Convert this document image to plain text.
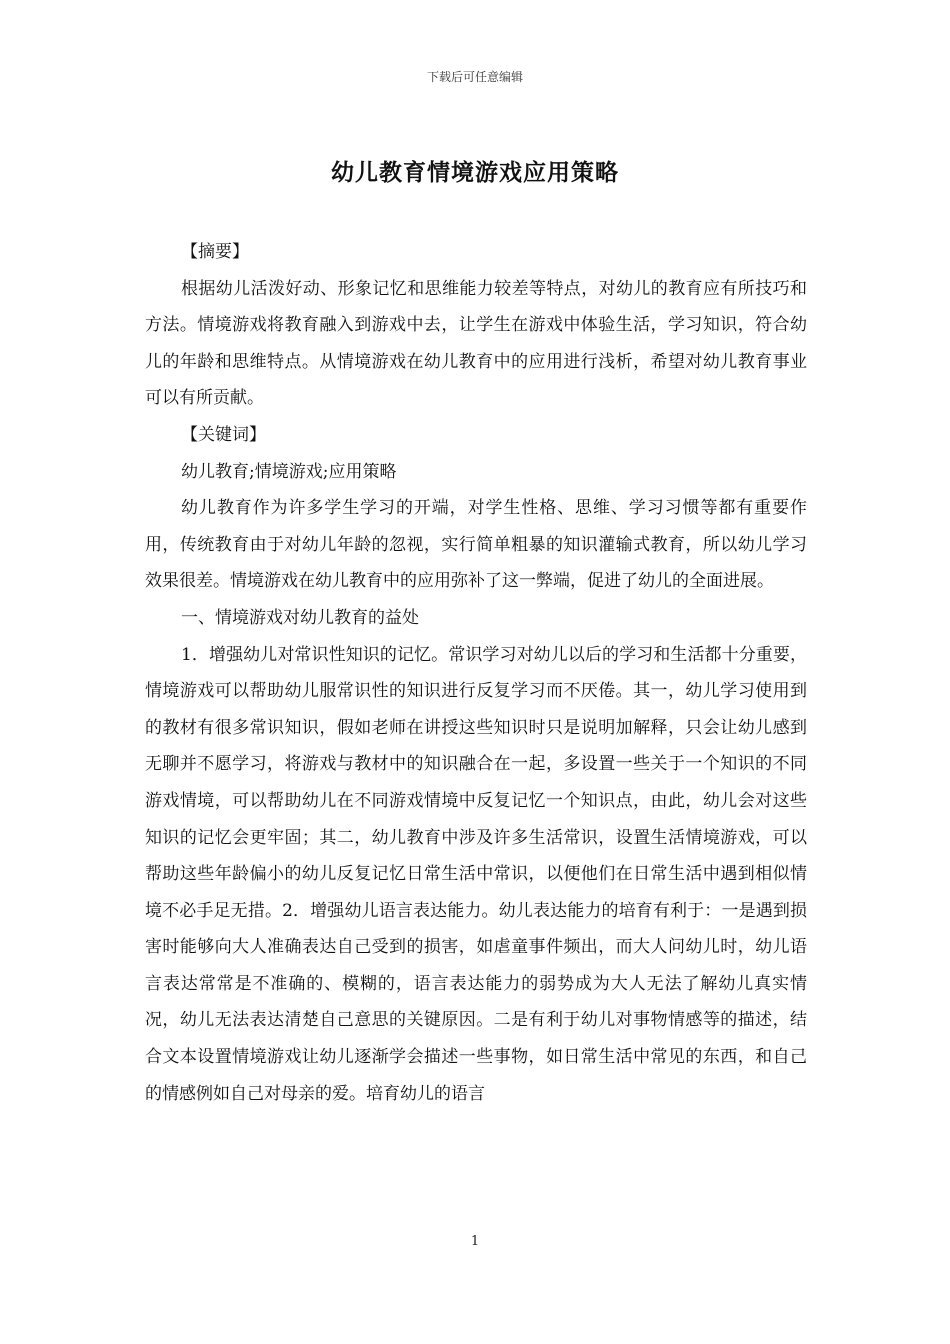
下载后可任意编辑
幼儿教育情境游戏应用策略

【摘要】

根据幼儿活泼好动、形象记忆和思维能力较差等特点，对幼儿的教育应有所技巧和方法。情境游戏将教育融入到游戏中去，让学生在游戏中体验生活，学习知识，符合幼儿的年龄和思维特点。从情境游戏在幼儿教育中的应用进行浅析，希望对幼儿教育事业可以有所贡献。

【关键词】

幼儿教育;情境游戏;应用策略

幼儿教育作为许多学生学习的开端，对学生性格、思维、学习习惯等都有重要作用，传统教育由于对幼儿年龄的忽视，实行简单粗暴的知识灌输式教育，所以幼儿学习效果很差。情境游戏在幼儿教育中的应用弥补了这一弊端，促进了幼儿的全面进展。

一、情境游戏对幼儿教育的益处

1．增强幼儿对常识性知识的记忆。常识学习对幼儿以后的学习和生活都十分重要，情境游戏可以帮助幼儿服常识性的知识进行反复学习而不厌倦。其一，幼儿学习使用到的教材有很多常识知识，假如老师在讲授这些知识时只是说明加解释，只会让幼儿感到无聊并不愿学习，将游戏与教材中的知识融合在一起，多设置一些关于一个知识的不同游戏情境，可以帮助幼儿在不同游戏情境中反复记忆一个知识点，由此，幼儿会对这些知识的记忆会更牢固；其二，幼儿教育中涉及许多生活常识，设置生活情境游戏，可以帮助这些年龄偏小的幼儿反复记忆日常生活中常识，以便他们在日常生活中遇到相似情境不必手足无措。2．增强幼儿语言表达能力。幼儿表达能力的培育有利于：一是遇到损害时能够向大人准确表达自己受到的损害，如虐童事件频出，而大人问幼儿时，幼儿语言表达常常是不准确的、模糊的，语言表达能力的弱势成为大人无法了解幼儿真实情况，幼儿无法表达清楚自己意思的关键原因。二是有利于幼儿对事物情感等的描述，结合文本设置情境游戏让幼儿逐渐学会描述一些事物，如日常生活中常见的东西，和自己的情感例如自己对母亲的爱。培育幼儿的语言

1
